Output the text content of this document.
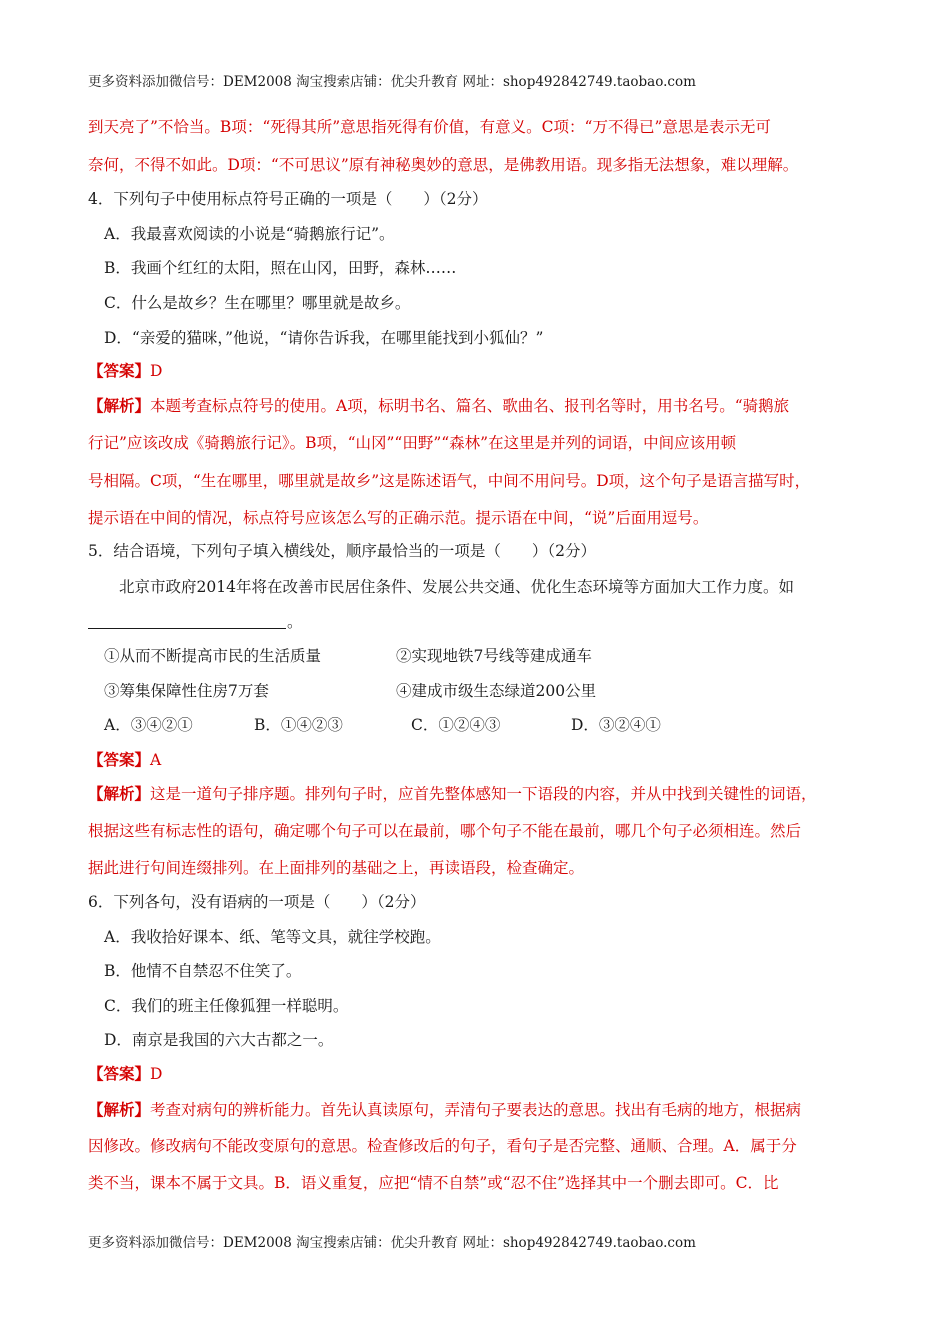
更多资料添加微信号：DEM2008 淘宝搜索店铺：优尖升教育 网址：shop492842749.taobao.com
到天亮了”不恰当。B项：“死得其所”意思指死得有价值，有意义。C项：“万不得已”意思是表示无可
奈何，不得不如此。D项：“不可思议”原有神秘奥妙的意思，是佛教用语。现多指无法想象，难以理解。
4．下列句子中使用标点符号正确的一项是（　　）（2分）
A．我最喜欢阅读的小说是“骑鹅旅行记”。
B．我画个红红的太阳，照在山冈，田野，森林……
C．什么是故乡？生在哪里？哪里就是故乡。
D．“亲爱的猫咪，”他说，“请你告诉我，在哪里能找到小狐仙？”
【答案】D
【解析】本题考查标点符号的使用。A项，标明书名、篇名、歌曲名、报刊名等时，用书名号。“骑鹅旅
行记”应该改成《骑鹅旅行记》。B项，“山冈”“田野”“森林”在这里是并列的词语，中间应该用顿
号相隔。C项，“生在哪里，哪里就是故乡”这是陈述语气，中间不用问号。D项，这个句子是语言描写时，
提示语在中间的情况，标点符号应该怎么写的正确示范。提示语在中间，“说”后面用逗号。
5．结合语境，下列句子填入横线处，顺序最恰当的一项是（　　）（2分）
北京市政府2014年将在改善市民居住条件、发展公共交通、优化生态环境等方面加大工作力度。如
。
①从而不断提高市民的生活质量	②实现地铁7号线等建成通车
③筹集保障性住房7万套	④建成市级生态绿道200公里
A．③④②①	B．①④②③	C．①②④③	D．③②④①
【答案】A
【解析】这是一道句子排序题。排列句子时，应首先整体感知一下语段的内容，并从中找到关键性的词语，
根据这些有标志性的语句，确定哪个句子可以在最前，哪个句子不能在最前，哪几个句子必须相连。然后
据此进行句间连缀排列。在上面排列的基础之上，再读语段，检查确定。
6．下列各句，没有语病的一项是（　　）（2分）
A．我收拾好课本、纸、笔等文具，就往学校跑。
B．他情不自禁忍不住笑了。
C．我们的班主任像狐狸一样聪明。
D．南京是我国的六大古都之一。
【答案】D
【解析】考查对病句的辨析能力。首先认真读原句，弄清句子要表达的意思。找出有毛病的地方，根据病
因修改。修改病句不能改变原句的意思。检查修改后的句子，看句子是否完整、通顺、合理。A．属于分
类不当，课本不属于文具。B．语义重复，应把“情不自禁”或“忍不住”选择其中一个删去即可。C．比
更多资料添加微信号：DEM2008 淘宝搜索店铺：优尖升教育 网址：shop492842749.taobao.com
